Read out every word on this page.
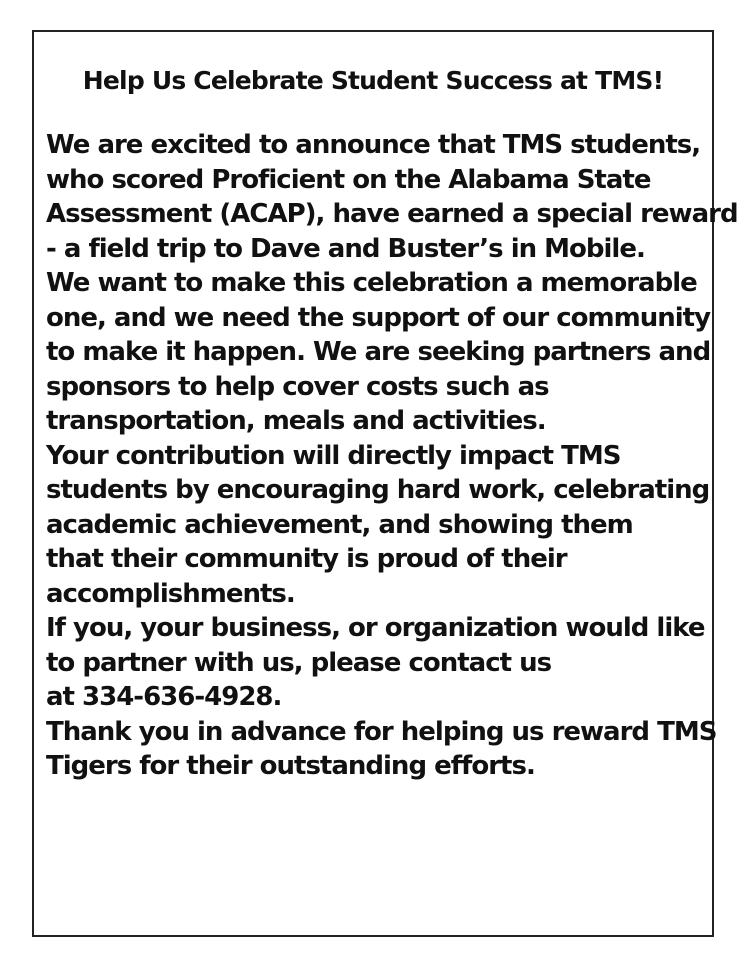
Help Us Celebrate Student Success at TMS!
We are excited to announce that TMS students,
who scored Proficient on the Alabama State
Assessment (ACAP), have earned a special reward
- a field trip to Dave and Buster’s in Mobile.
We want to make this celebration a memorable
one, and we need the support of our community
to make it happen. We are seeking partners and
sponsors to help cover costs such as
transportation, meals and activities.
Your contribution will directly impact TMS
students by encouraging hard work, celebrating
academic achievement, and showing them
that their community is proud of their
accomplishments.
If you, your business, or organization would like
to partner with us, please contact us
at 334-636-4928.
Thank you in advance for helping us reward TMS
Tigers for their outstanding efforts.
